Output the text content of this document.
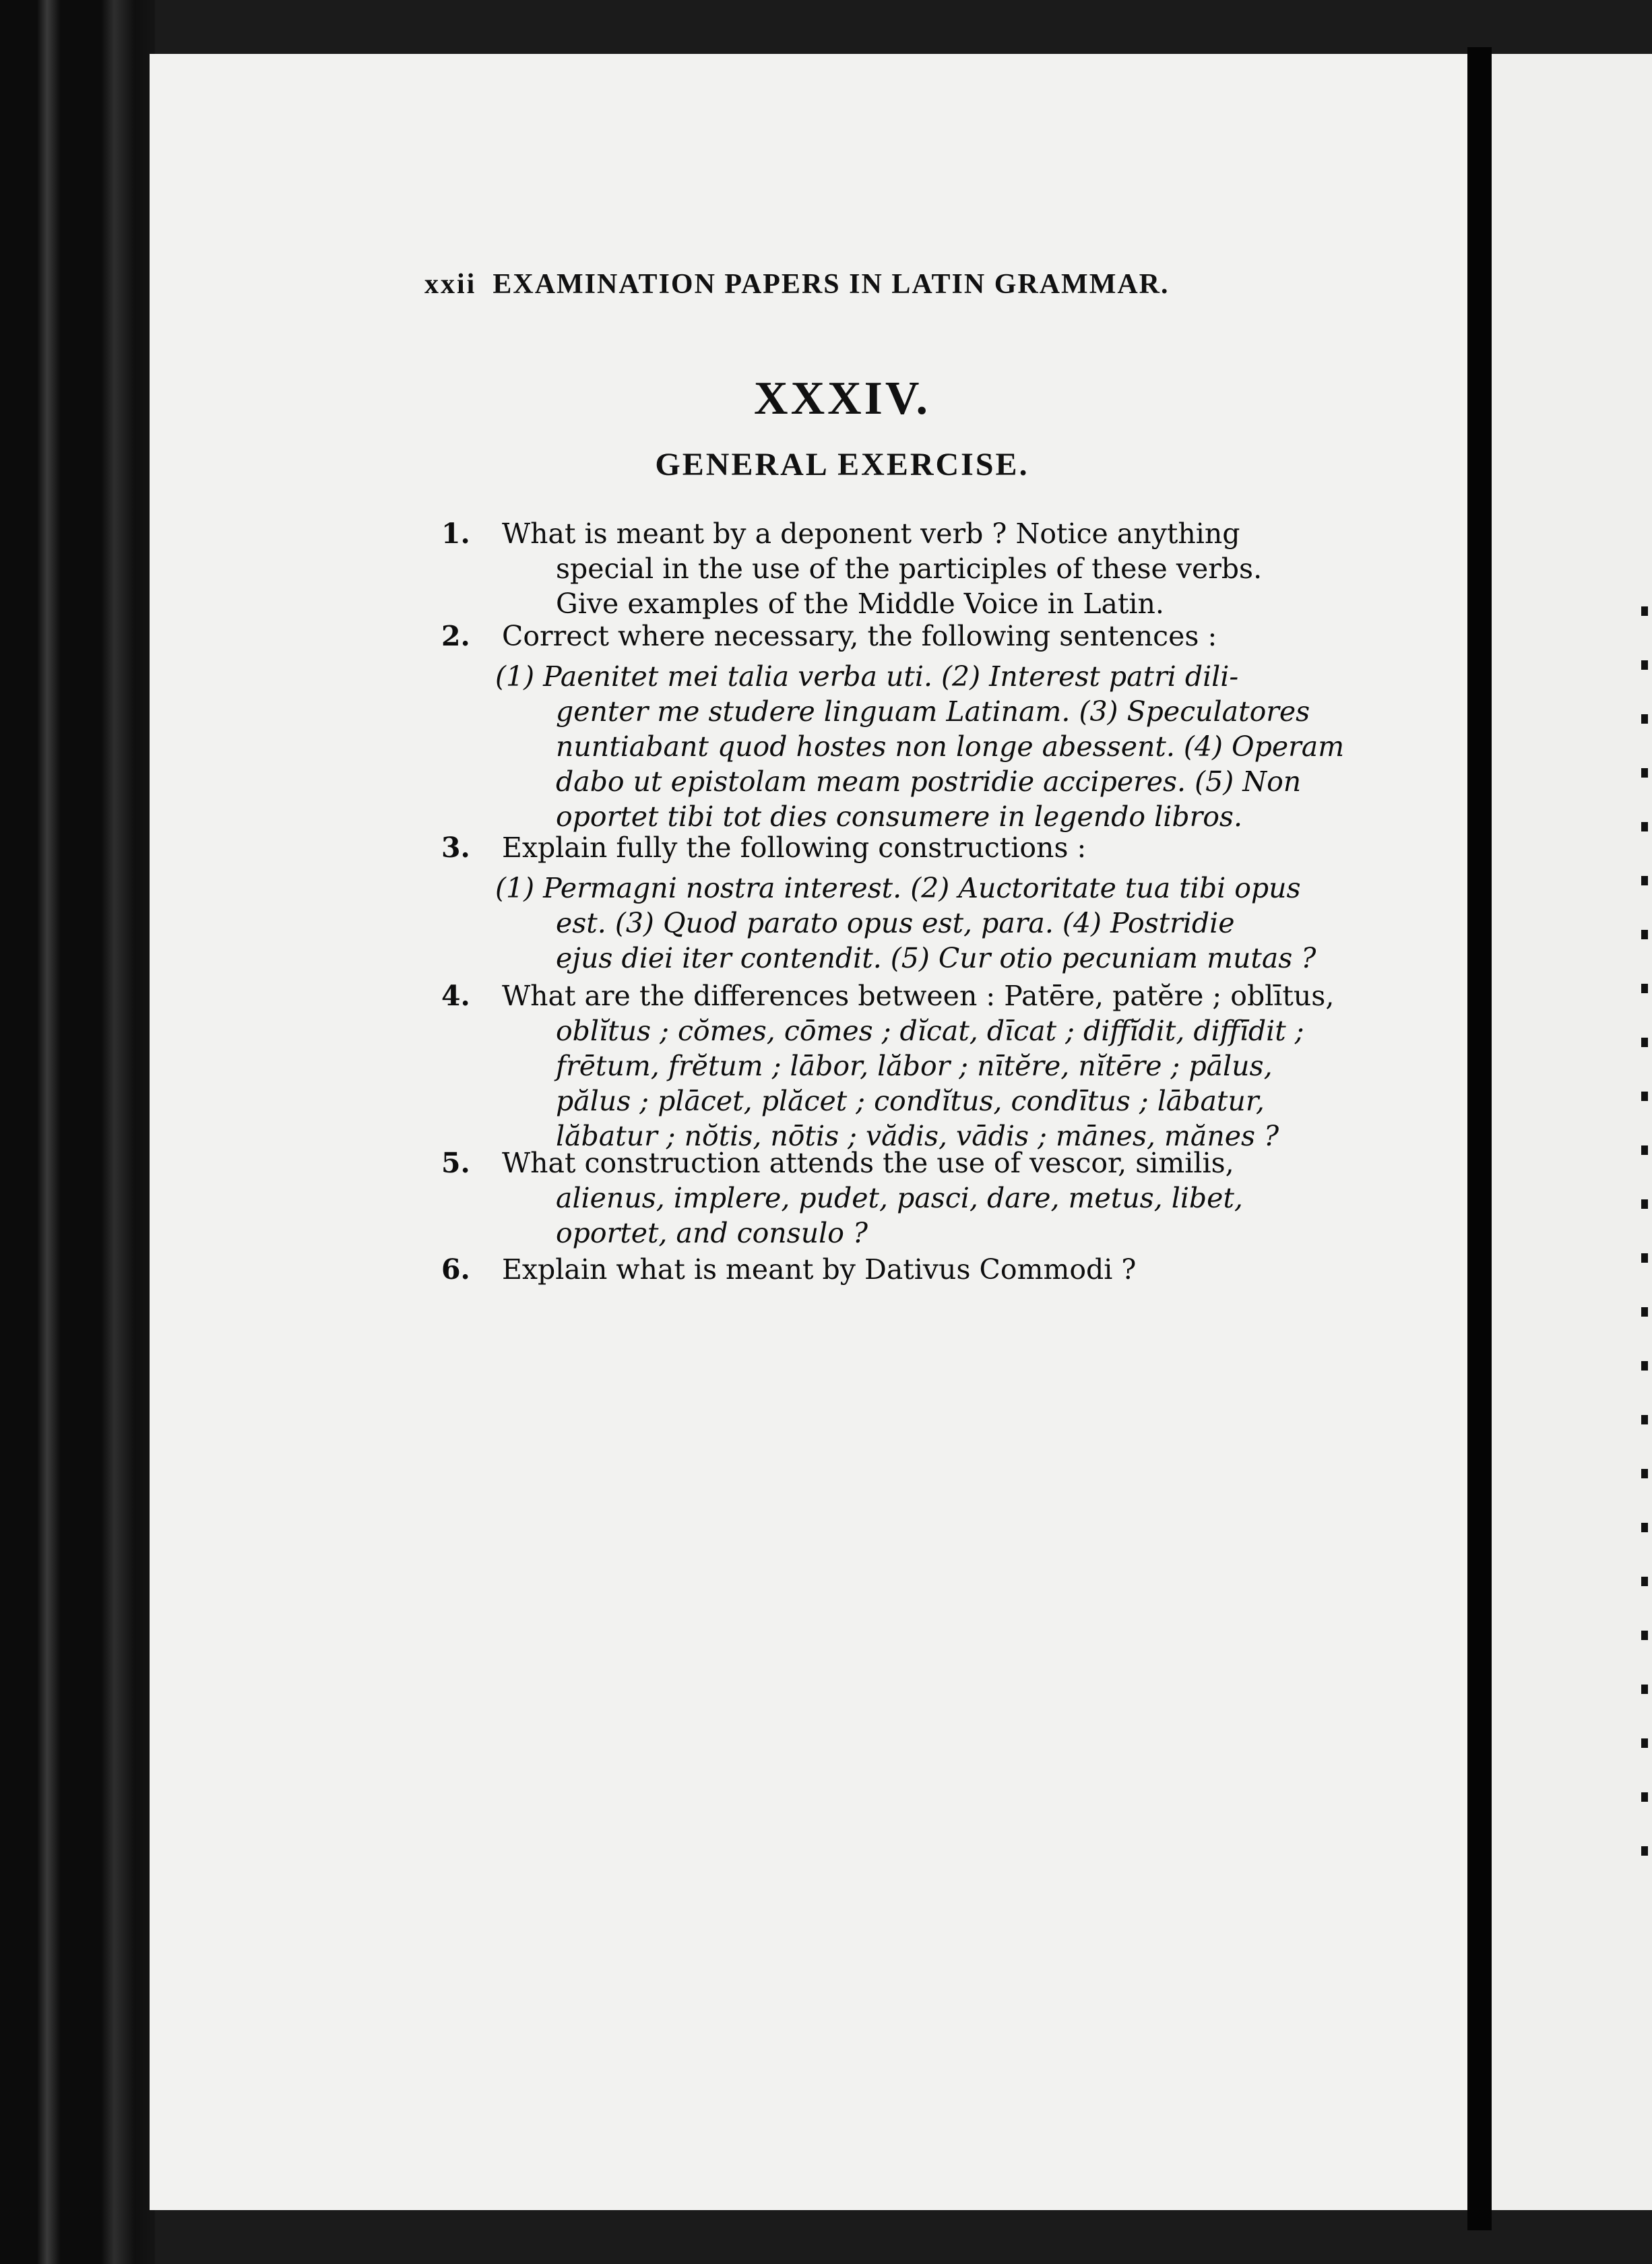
xxii EXAMINATION PAPERS IN LATIN GRAMMAR.
XXXIV.
GENERAL EXERCISE.
1.	What is meant by a deponent verb ? Notice anything
special in the use of the participles of these verbs.
Give examples of the Middle Voice in Latin.
2.	Correct where necessary, the following sentences :
(1) Paenitet mei talia verba uti. (2) Interest patri dili-
genter me studere linguam Latinam. (3) Speculatores
nuntiabant quod hostes non longe abessent. (4) Operam
dabo ut epistolam meam postridie acciperes. (5) Non
oportet tibi tot dies consumere in legendo libros.
3.	Explain fully the following constructions :
(1) Permagni nostra interest. (2) Auctoritate tua tibi opus
est. (3) Quod parato opus est, para. (4) Postridie
ejus diei iter contendit. (5) Cur otio pecuniam mutas ?
4.	What are the differences between : Patēre, patĕre ; oblītus,
oblĭtus ; cŏmes, cōmes ; dĭcat, dīcat ; diffĭdit, diffīdit ;
frētum, frĕtum ; lābor, lăbor ; nītĕre, nĭtēre ; pālus,
pălus ; plācet, plăcet ; condĭtus, condītus ; lābatur,
lăbatur ; nŏtis, nōtis ; vădis, vādis ; mānes, mănes ?
5.	What construction attends the use of vescor, similis,
alienus, implere, pudet, pasci, dare, metus, libet,
oportet, and consulo ?
6.	Explain what is meant by Dativus Commodi ?
